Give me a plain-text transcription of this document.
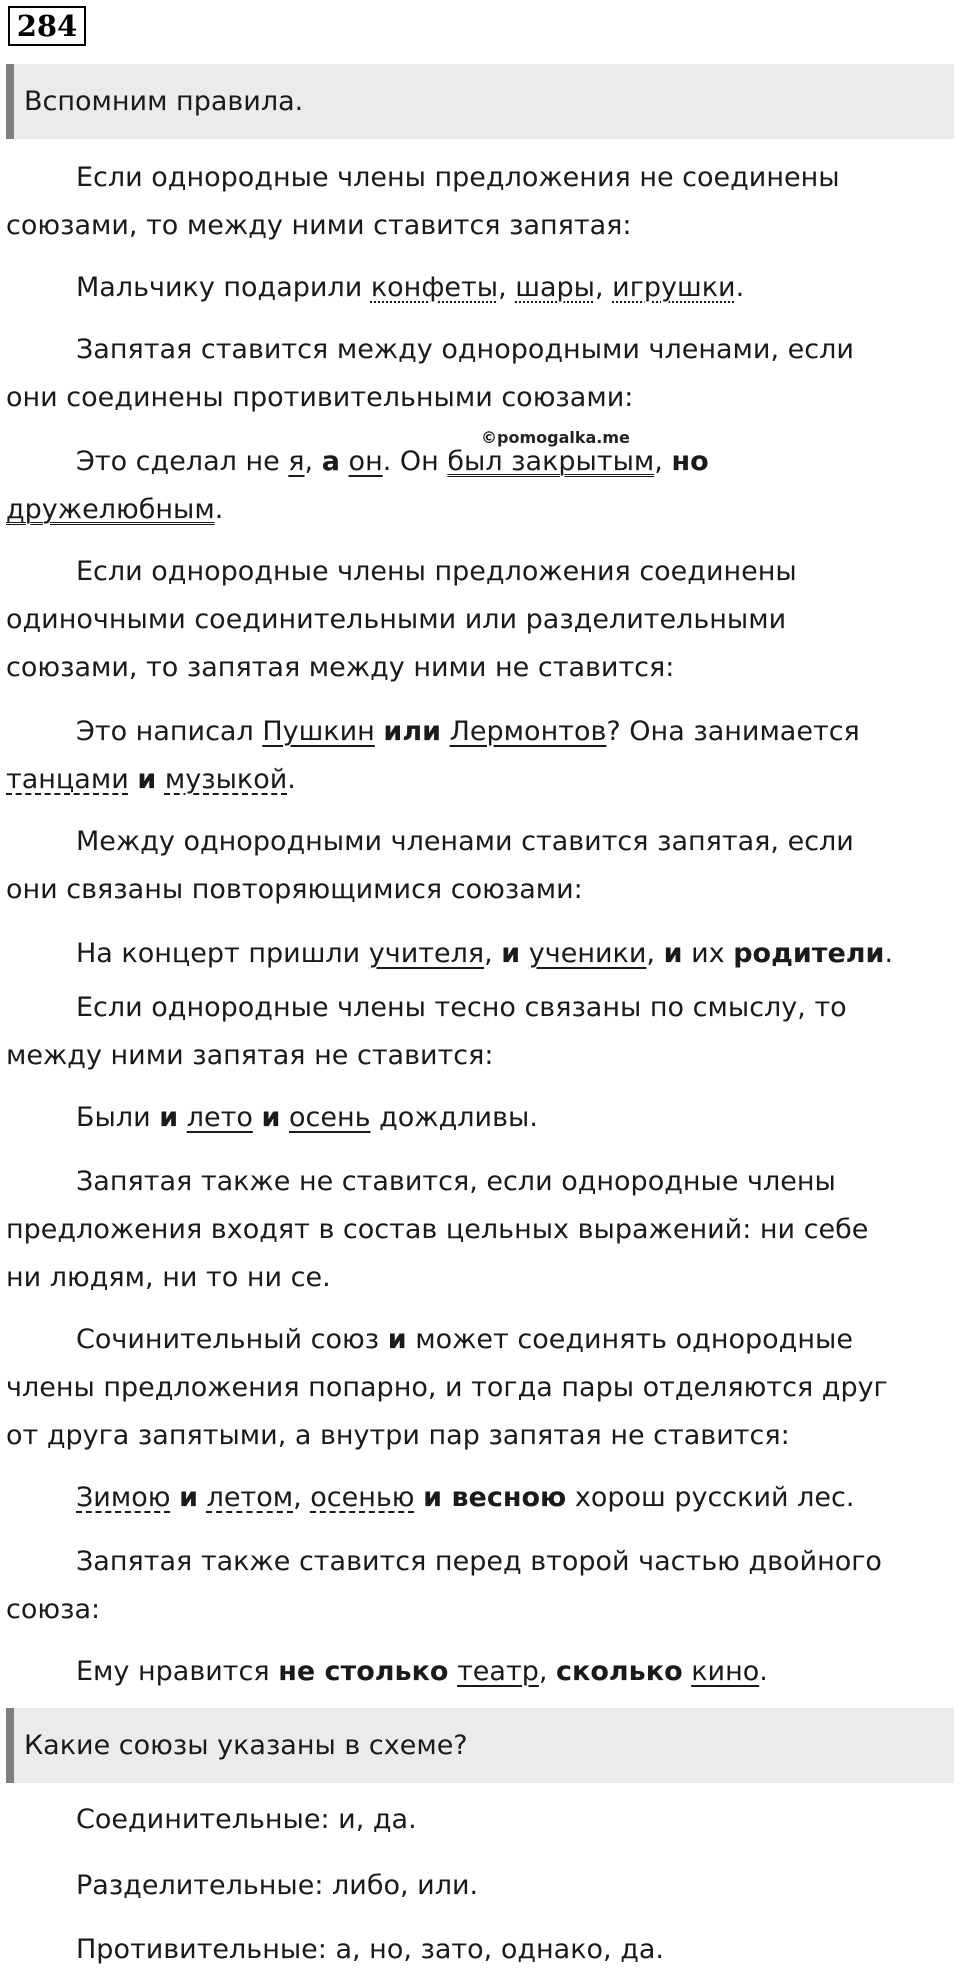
284
Вспомним правила.
Если однородные члены предложения не соединены
союзами, то между ними ставится запятая:
Мальчику подарили конфеты, шары, игрушки.
Запятая ставится между однородными членами, если
они соединены противительными союзами:
©pomogalka.me
Это сделал не я, а он. Он был закрытым, но
дружелюбным.
Если однородные члены предложения соединены
одиночными соединительными или разделительными
союзами, то запятая между ними не ставится:
Это написал Пушкин или Лермонтов? Она занимается
танцами и музыкой.
Между однородными членами ставится запятая, если
они связаны повторяющимися союзами:
На концерт пришли учителя, и ученики, и их родители.
Если однородные члены тесно связаны по смыслу, то
между ними запятая не ставится:
Были и лето и осень дождливы.
Запятая также не ставится, если однородные члены
предложения входят в состав цельных выражений: ни себе
ни людям, ни то ни се.
Сочинительный союз и может соединять однородные
члены предложения попарно, и тогда пары отделяются друг
от друга запятыми, а внутри пар запятая не ставится:
Зимою и летом, осенью и весною хорош русский лес.
Запятая также ставится перед второй частью двойного
союза:
Ему нравится не столько театр, сколько кино.
Какие союзы указаны в схеме?
Соединительные: и, да.
Разделительные: либо, или.
Противительные: а, но, зато, однако, да.
